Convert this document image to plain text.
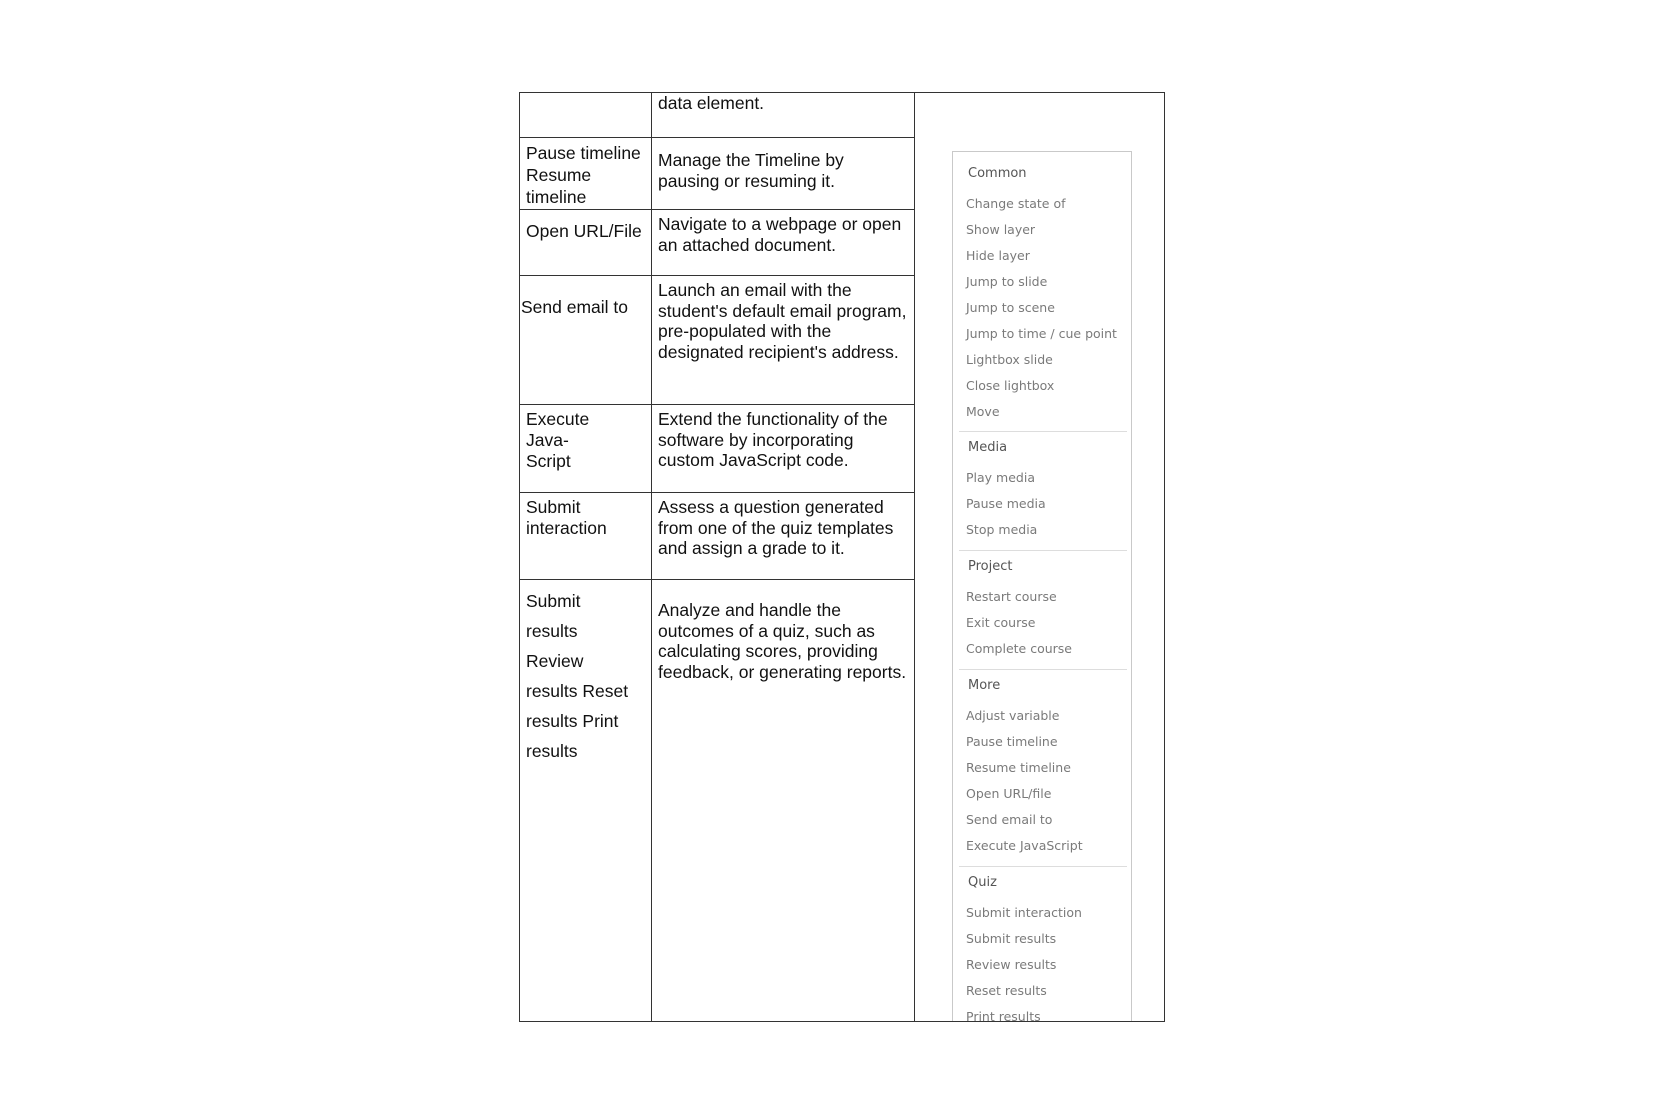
data element.
Pause timeline
Resume
timeline
Manage the Timeline by pausing or resuming it.
Open URL/File Navigate to a webpage or open an attached document.
Send email to
Launch an email with the student's default email program, pre-populated with the designated recipient's address.
Execute
Java-
Script
Extend the functionality of the software by incorporating custom JavaScript code.
Submit
interaction
Assess a question generated from one of the quiz templates and assign a grade to it.
Submit
results
Review
results Reset
results Print
results
Analyze and handle the outcomes of a quiz, such as calculating scores, providing feedback, or generating reports.
Common
Change state of
Show layer
Hide layer
Jump to slide
Jump to scene
Jump to time / cue point
Lightbox slide
Close lightbox
Move
Media
Play media
Pause media
Stop media
Project
Restart course
Exit course
Complete course
More
Adjust variable
Pause timeline
Resume timeline
Open URL/file
Send email to
Execute JavaScript
Quiz
Submit interaction
Submit results
Review results
Reset results
Print results
